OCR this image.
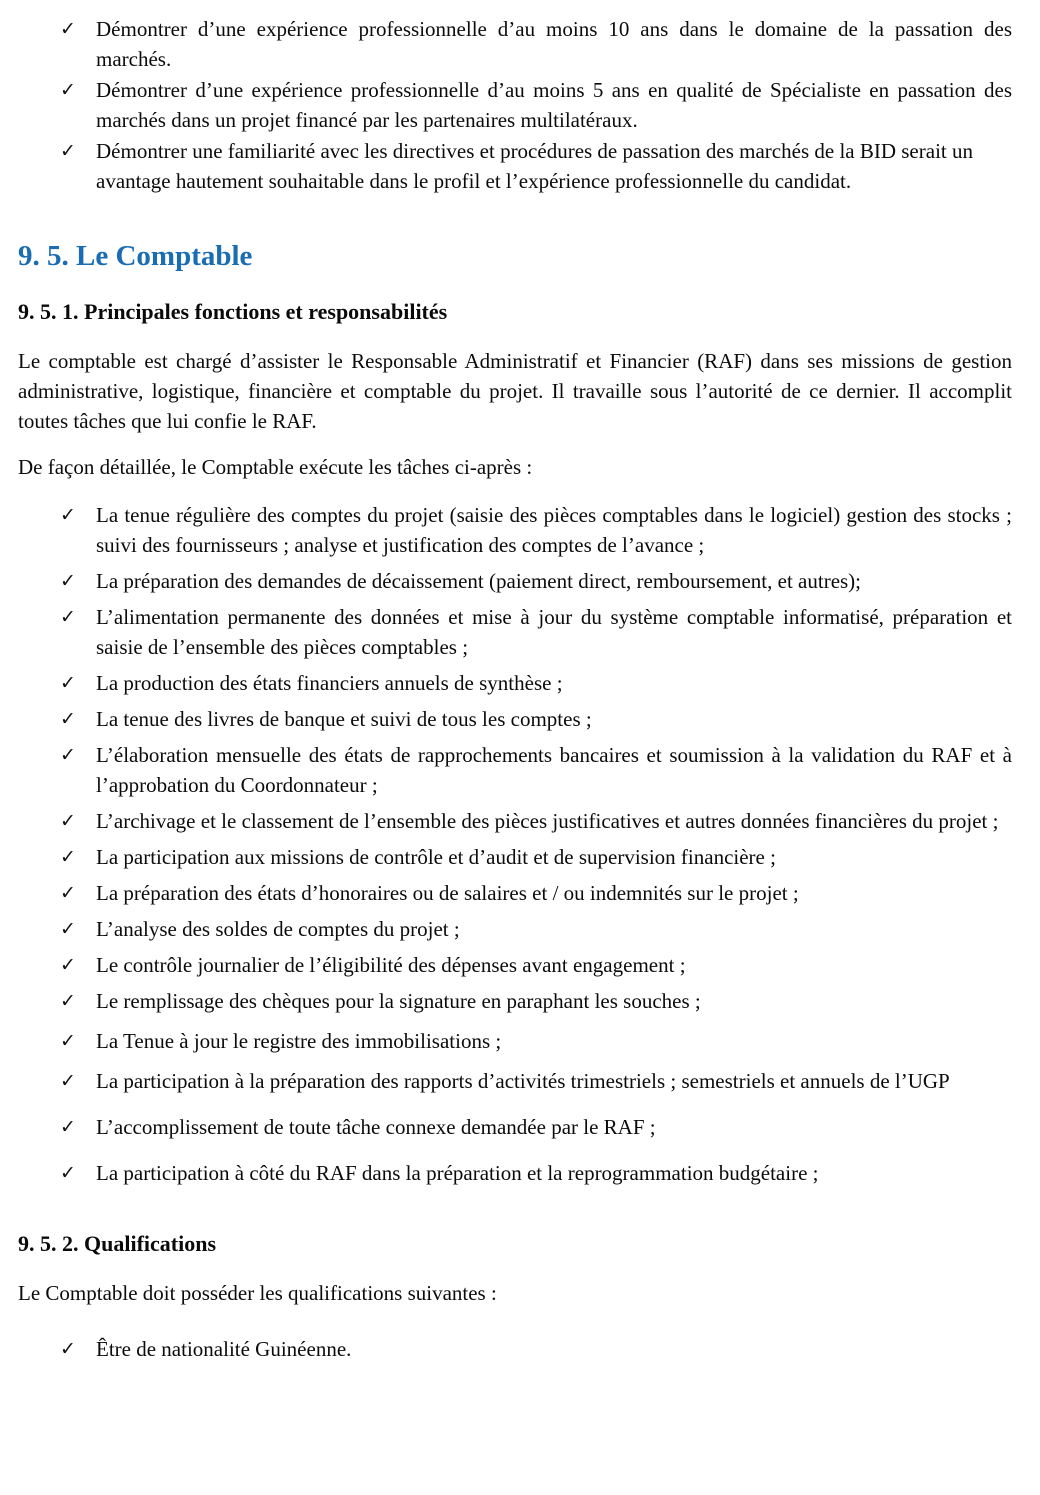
✓ Démontrer d’une expérience professionnelle d’au moins 10 ans dans le domaine de la passation des marchés.
✓ Démontrer d’une expérience professionnelle d’au moins 5 ans en qualité de Spécialiste en passation des marchés dans un projet financé par les partenaires multilatéraux.
✓ Démontrer une familiarité avec les directives et procédures de passation des marchés de la BID serait un avantage hautement souhaitable dans le profil et l’expérience professionnelle du candidat.
9. 5. Le Comptable
9. 5. 1. Principales fonctions et responsabilités

Le comptable est chargé d’assister le Responsable Administratif et Financier (RAF) dans ses missions de gestion administrative, logistique, financière et comptable du projet. Il travaille sous l’autorité de ce dernier. Il accomplit toutes tâches que lui confie le RAF.

De façon détaillée, le Comptable exécute les tâches ci-après :

✓ La tenue régulière des comptes du projet (saisie des pièces comptables dans le logiciel) gestion des stocks ; suivi des fournisseurs ; analyse et justification des comptes de l’avance ;
✓ La préparation des demandes de décaissement (paiement direct, remboursement, et autres);
✓ L’alimentation permanente des données et mise à jour du système comptable informatisé, préparation et saisie de l’ensemble des pièces comptables ;
✓ La production des états financiers annuels de synthèse ;
✓ La tenue des livres de banque et suivi de tous les comptes ;
✓ L’élaboration mensuelle des états de rapprochements bancaires et soumission à la validation du RAF et à l’approbation du Coordonnateur ;
✓ L’archivage et le classement de l’ensemble des pièces justificatives et autres données financières du projet ;
✓ La participation aux missions de contrôle et d’audit et de supervision financière ;
✓ La préparation des états d’honoraires ou de salaires et / ou indemnités sur le projet ;
✓ L’analyse des soldes de comptes du projet ;
✓ Le contrôle journalier de l’éligibilité des dépenses avant engagement ;
✓ Le remplissage des chèques pour la signature en paraphant les souches ;
✓ La Tenue à jour le registre des immobilisations ;
✓ La participation à la préparation des rapports d’activités trimestriels ; semestriels et annuels de l’UGP
✓ L’accomplissement de toute tâche connexe demandée par le RAF ;
✓ La participation à côté du RAF dans la préparation et la reprogrammation budgétaire ;
9. 5. 2. Qualifications

Le Comptable doit posséder les qualifications suivantes :

✓ Être de nationalité Guinéenne.
